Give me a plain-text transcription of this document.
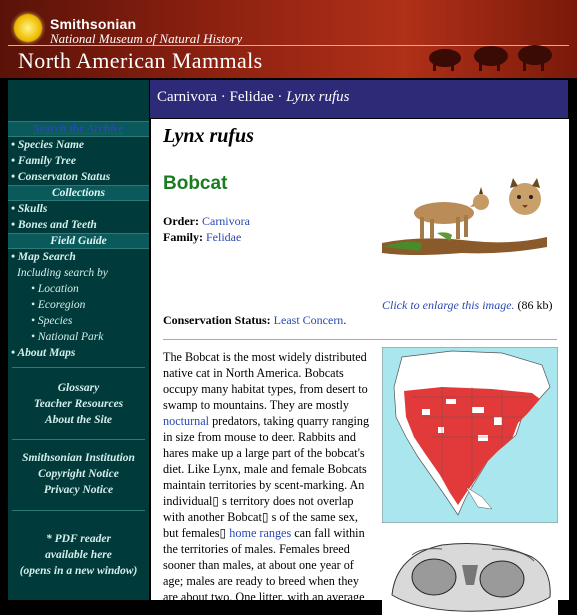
Smithsonian
National Museum of Natural History
North American Mammals
Search the Archive
• Species Name
• Family Tree
• Conservaton Status
Collections
• Skulls
• Bones and Teeth
Field Guide
• Map Search
Including search by
• Location
• Ecoregion
• Species
• National Park
• About Maps
Glossary
Teacher Resources
About the Site
Smithsonian Institution
Copyright Notice
Privacy Notice
* PDF reader
available here
(opens in a new window)
Carnivora · Felidae · Lynx rufus
Lynx rufus
Bobcat
Order: Carnivora
Family: Felidae
Click to enlarge this image. (86 kb)
Conservation Status: Least Concern.
The Bobcat is the most widely distributed native cat in North America. Bobcats occupy many habitat types, from desert to swamp to mountains. They are mostly nocturnal predators, taking quarry ranging in size from mouse to deer. Rabbits and hares make up a large part of the bobcat's diet. Like Lynx, male and female Bobcats maintain territories by scent-marking. An individual▯ s territory does not overlap with another Bobcat▯ s of the same sex, but females▯ home ranges can fall within the territories of males. Females breed sooner than males, at about one year of age; males are ready to breed when they are about two. One litter, with an average
